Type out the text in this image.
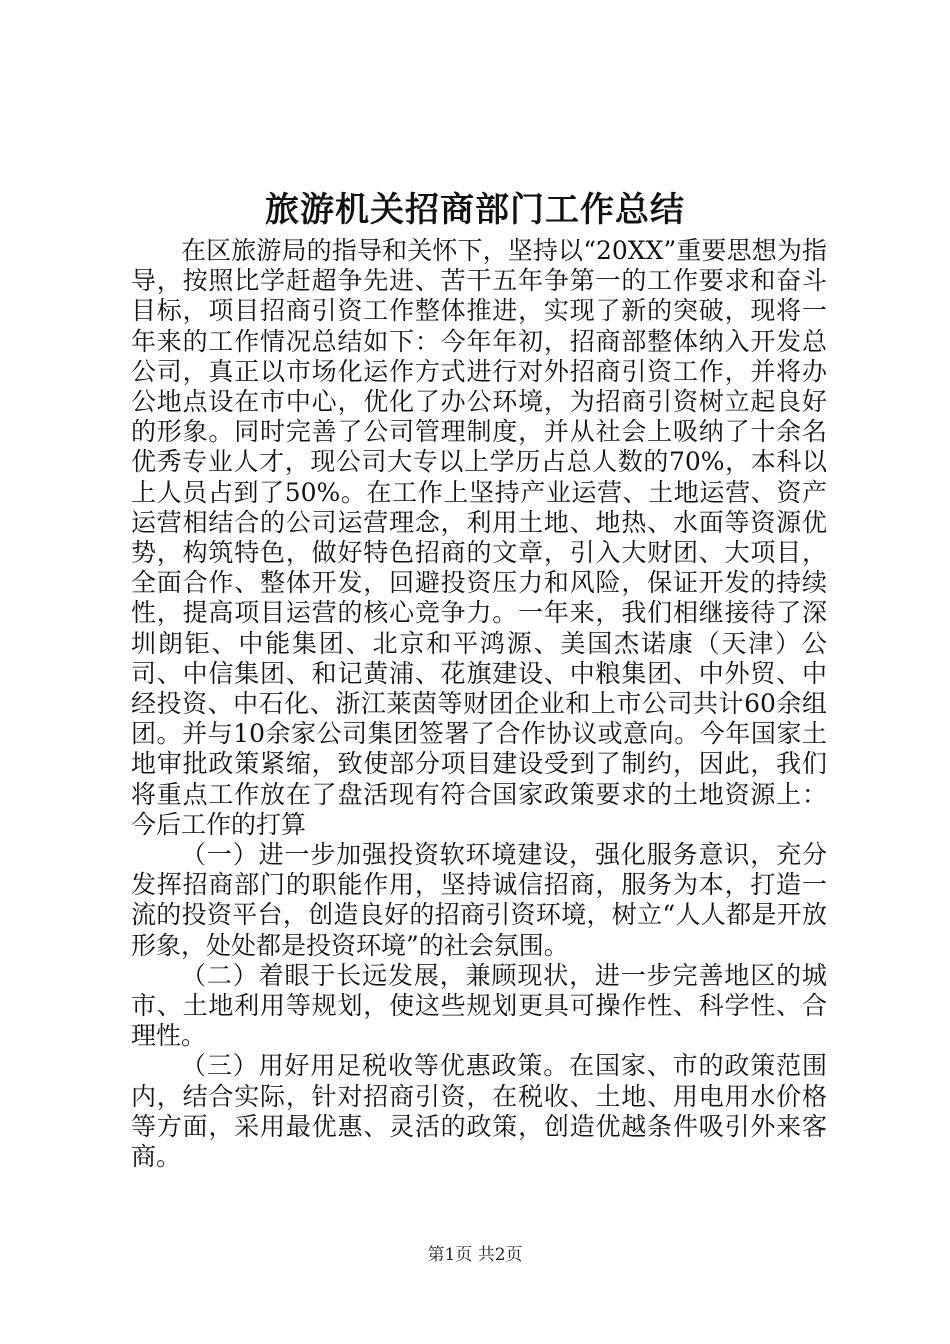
旅游机关招商部门工作总结

在区旅游局的指导和关怀下，坚持以“20XX”重要思想为指导，按照比学赶超争先进、苦干五年争第一的工作要求和奋斗目标，项目招商引资工作整体推进，实现了新的突破，现将一年来的工作情况总结如下：今年年初，招商部整体纳入开发总公司，真正以市场化运作方式进行对外招商引资工作，并将办公地点设在市中心，优化了办公环境，为招商引资树立起良好的形象。同时完善了公司管理制度，并从社会上吸纳了十余名优秀专业人才，现公司大专以上学历占总人数的70%，本科以上人员占到了50%。在工作上坚持产业运营、土地运营、资产运营相结合的公司运营理念，利用土地、地热、水面等资源优势，构筑特色，做好特色招商的文章，引入大财团、大项目，全面合作、整体开发，回避投资压力和风险，保证开发的持续性，提高项目运营的核心竞争力。一年来，我们相继接待了深圳朗钜、中能集团、北京和平鸿源、美国杰诺康（天津）公司、中信集团、和记黄浦、花旗建设、中粮集团、中外贸、中经投资、中石化、浙江莱茵等财团企业和上市公司共计60余组团。并与10余家公司集团签署了合作协议或意向。今年国家土地审批政策紧缩，致使部分项目建设受到了制约，因此，我们将重点工作放在了盘活现有符合国家政策要求的土地资源上：今后工作的打算

（一）进一步加强投资软环境建设，强化服务意识，充分发挥招商部门的职能作用，坚持诚信招商，服务为本，打造一流的投资平台，创造良好的招商引资环境，树立“人人都是开放形象，处处都是投资环境”的社会氛围。

（二）着眼于长远发展，兼顾现状，进一步完善地区的城市、土地利用等规划，使这些规划更具可操作性、科学性、合理性。

（三）用好用足税收等优惠政策。在国家、市的政策范围内，结合实际，针对招商引资，在税收、土地、用电用水价格等方面，采用最优惠、灵活的政策，创造优越条件吸引外来客商。

第1页 共2页
